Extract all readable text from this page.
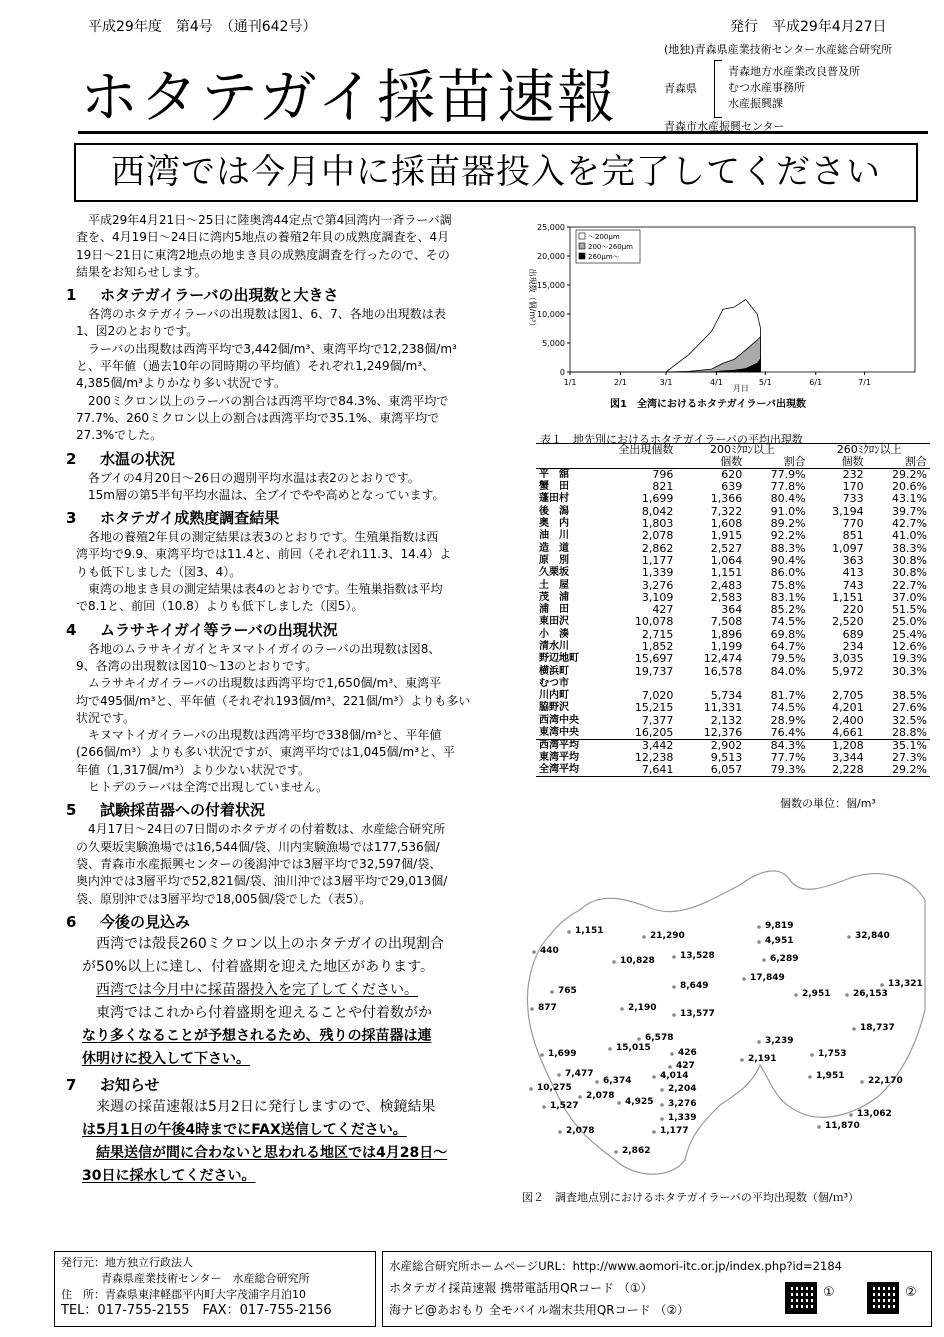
平成29年度　第4号　（通刊642号）	発行　平成29年4月27日
ホタテガイ採苗速報
(地独)青森県産業技術センター水産総合研究所
青森県
青森地方水産業改良普及所
むつ水産事務所
水産振興課
青森市水産振興センター
西湾では今月中に採苗器投入を完了してください

平成29年4月21日～25日に陸奥湾44定点で第4回湾内一斉ラーバ調

査を、4月19日～24日に湾内5地点の養殖2年貝の成熟度調査を、4月

19日～21日に東湾2地点の地まき貝の成熟度調査を行ったので、その

結果をお知らせします。

1 ホタテガイラーバの出現数と大きさ

各湾のホタテガイラーバの出現数は図1、6、7、各地の出現数は表

1、図2のとおりです。

ラーバの出現数は西湾平均で3,442個/m³、東湾平均で12,238個/m³

と、平年値（過去10年の同時期の平均値）それぞれ1,249個/m³、

4,385個/m³よりかなり多い状況です。

200ミクロン以上のラーバの割合は西湾平均で84.3%、東湾平均で

77.7%、260ミクロン以上の割合は西湾平均で35.1%、東湾平均で

27.3%でした。

2 水温の状況

各ブイの4月20日～26日の週別平均水温は表2のとおりです。

15m層の第5半旬平均水温は、全ブイでやや高めとなっています。

3 ホタテガイ成熟度調査結果

各地の養殖2年貝の測定結果は表3のとおりです。生殖巣指数は西

湾平均で9.9、東湾平均では11.4と、前回（それぞれ11.3、14.4）よ

りも低下しました（図3、4）。

東湾の地まき貝の測定結果は表4のとおりです。生殖巣指数は平均

で8.1と、前回（10.8）よりも低下しました（図5）。

4 ムラサキイガイ等ラーバの出現状況

各地のムラサキイガイとキヌマトイガイのラーバの出現数は図8、

9、各湾の出現数は図10～13のとおりです。

ムラサキイガイラーバの出現数は西湾平均で1,650個/m³、東湾平

均で495個/m³と、平年値（それぞれ193個/m³、221個/m³）よりも多い

状況です。

キヌマトイガイラーバの出現数は西湾平均で338個/m³と、平年値

(266個/m³）よりも多い状況ですが、東湾平均では1,045個/m³と、平

年値（1,317個/m³）より少ない状況です。

ヒトデのラーバは全湾で出現していません。

5 試験採苗器への付着状況

4月17日～24日の7日間のホタテガイの付着数は、水産総合研究所

の久栗坂実験漁場では16,544個/袋、川内実験漁場では177,536個/

袋、青森市水産振興センターの後潟沖では3層平均で32,597個/袋、

奥内沖では3層平均で52,821個/袋、油川沖では3層平均で29,013個/

袋、原別沖では3層平均で18,005個/袋でした（表5）。

6 今後の見込み

西湾では殻長260ミクロン以上のホタテガイの出現割合

が50%以上に達し、付着盛期を迎えた地区があります。

西湾では今月中に採苗器投入を完了してください。

東湾ではこれから付着盛期を迎えることや付着数がか

なり多くなることが予想されるため、残りの採苗器は連

休明けに投入して下さい。

7 お知らせ

来週の採苗速報は5月2日に発行しますので、検鏡結果

は5月1日の午後4時までにFAX送信してください。

結果送信が間に合わないと思われる地区では4月28日～

30日に採水してください。

25,000
20,000
15,000
10,000
5,000
0
1/1	2/1	3/1	4/1	5/1	6/1	7/1
月日
出現数（個/m³）
～200μm
200～260μm
260μm～
図1　全湾におけるホタテガイラーバ出現数
表１　地先別におけるホタテガイラーバの平均出現数
	全出現個数	200ﾐｸﾛﾝ以上		260ﾐｸﾛﾝ以上	
		個数	割合	個数	割合
平　舘	796	620	77.9%	232	29.2%
蟹　田	821	639	77.8%	170	20.6%
蓬田村	1,699	1,366	80.4%	733	43.1%
後　潟	8,042	7,322	91.0%	3,194	39.7%
奥　内	1,803	1,608	89.2%	770	42.7%
油　川	2,078	1,915	92.2%	851	41.0%
造　道	2,862	2,527	88.3%	1,097	38.3%
原　別	1,177	1,064	90.4%	363	30.8%
久栗坂	1,339	1,151	86.0%	413	30.8%
土　屋	3,276	2,483	75.8%	743	22.7%
茂　浦	3,109	2,583	83.1%	1,151	37.0%
浦　田	427	364	85.2%	220	51.5%
東田沢	10,078	7,508	74.5%	2,520	25.0%
小　湊	2,715	1,896	69.8%	689	25.4%
清水川	1,852	1,199	64.7%	234	12.6%
野辺地町	15,697	12,474	79.5%	3,035	19.3%
横浜町	19,737	16,578	84.0%	5,972	30.3%
むつ市					
川内町	7,020	5,734	81.7%	2,705	38.5%
脇野沢	15,215	11,331	74.5%	4,201	27.6%
西湾中央	7,377	2,132	28.9%	2,400	32.5%
東湾中央	16,205	12,376	76.4%	4,661	28.8%
西湾平均	3,442	2,902	84.3%	1,208	35.1%
東湾平均	12,238	9,513	77.7%	3,344	27.3%
全湾平均	7,641	6,057	79.3%	2,228	29.2%
個数の単位：個/m³
1,151
440
21,290
10,828	13,528
9,819
4,951
6,289
32,840
765
877	2,190
8,649
13,577
17,849
2,951	26,153
13,321
18,737
6,578
15,015
1,699	426
3,239
1,753
2,191
7,477
10,275
6,374	4,014
427
2,204
1,951	22,170
2,078
1,527	4,925 3,276
1,339	13,062
11,870
2,078	1,177
2,862
図２　調査地点別におけるホタテガイラーバの平均出現数（個/ｍ³）
発行元：地方独立行政法人
青森県産業技術センター　水産総合研究所
住　所：青森県東津軽郡平内町大字茂浦字月泊10
TEL：017-755-2155　FAX：017-755-2156
水産総合研究所ホームページURL：http://www.aomori-itc.or.jp/index.php?id=2184
ホタテガイ採苗速報 携帯電話用QRコード （①）
海ナビ@あおもり 全モバイル端末共用QRコード （②）
①	②
